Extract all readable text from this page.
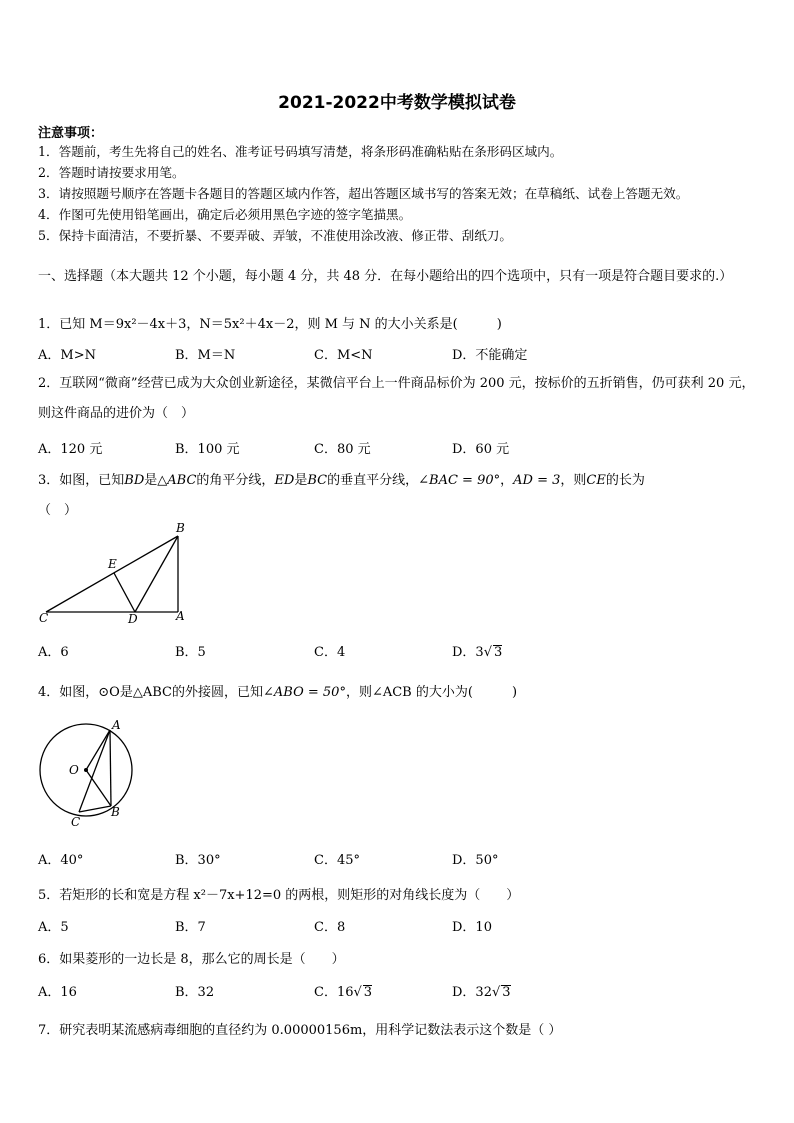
2021-2022中考数学模拟试卷
注意事项：
1．答题前，考生先将自己的姓名、准考证号码填写清楚，将条形码准确粘贴在条形码区域内。
2．答题时请按要求用笔。
3．请按照题号顺序在答题卡各题目的答题区域内作答，超出答题区域书写的答案无效；在草稿纸、试卷上答题无效。
4．作图可先使用铅笔画出，确定后必须用黑色字迹的签字笔描黑。
5．保持卡面清洁，不要折暴、不要弄破、弄皱，不准使用涂改液、修正带、刮纸刀。
一、选择题（本大题共 12 个小题，每小题 4 分，共 48 分．在每小题给出的四个选项中，只有一项是符合题目要求的.）
1．已知 M＝9x²－4x＋3，N＝5x²＋4x－2，则 M 与 N 的大小关系是(　　　)
A．M>N	B．M＝N	C．M<N	D．不能确定
2．互联网“微商”经营已成为大众创业新途径，某微信平台上一件商品标价为 200 元，按标价的五折销售，仍可获利 20 元，则这件商品的进价为（　）
A．120 元	B．100 元	C．80 元	D．60 元
3．如图，已知BD是△ABC的角平分线，ED是BC的垂直平分线，∠BAC = 90°，AD = 3，则CE的长为
（　）
B
E
C	D	A
A．6	B．5	C．4	D．3√ 3
4．如图，⊙O是△ABC的外接圆，已知∠ABO = 50°，则∠ACB 的大小为(　　　)
A
O
B
C
A．40°	B．30°	C．45°	D．50°
5．若矩形的长和宽是方程 x²－7x+12=0 的两根，则矩形的对角线长度为（　　）
A．5	B．7	C．8	D．10
6．如果菱形的一边长是 8，那么它的周长是（　　）
A．16	B．32	C．16√ 3	D．32√ 3
7．研究表明某流感病毒细胞的直径约为 0.00000156m，用科学记数法表示这个数是（ ）
